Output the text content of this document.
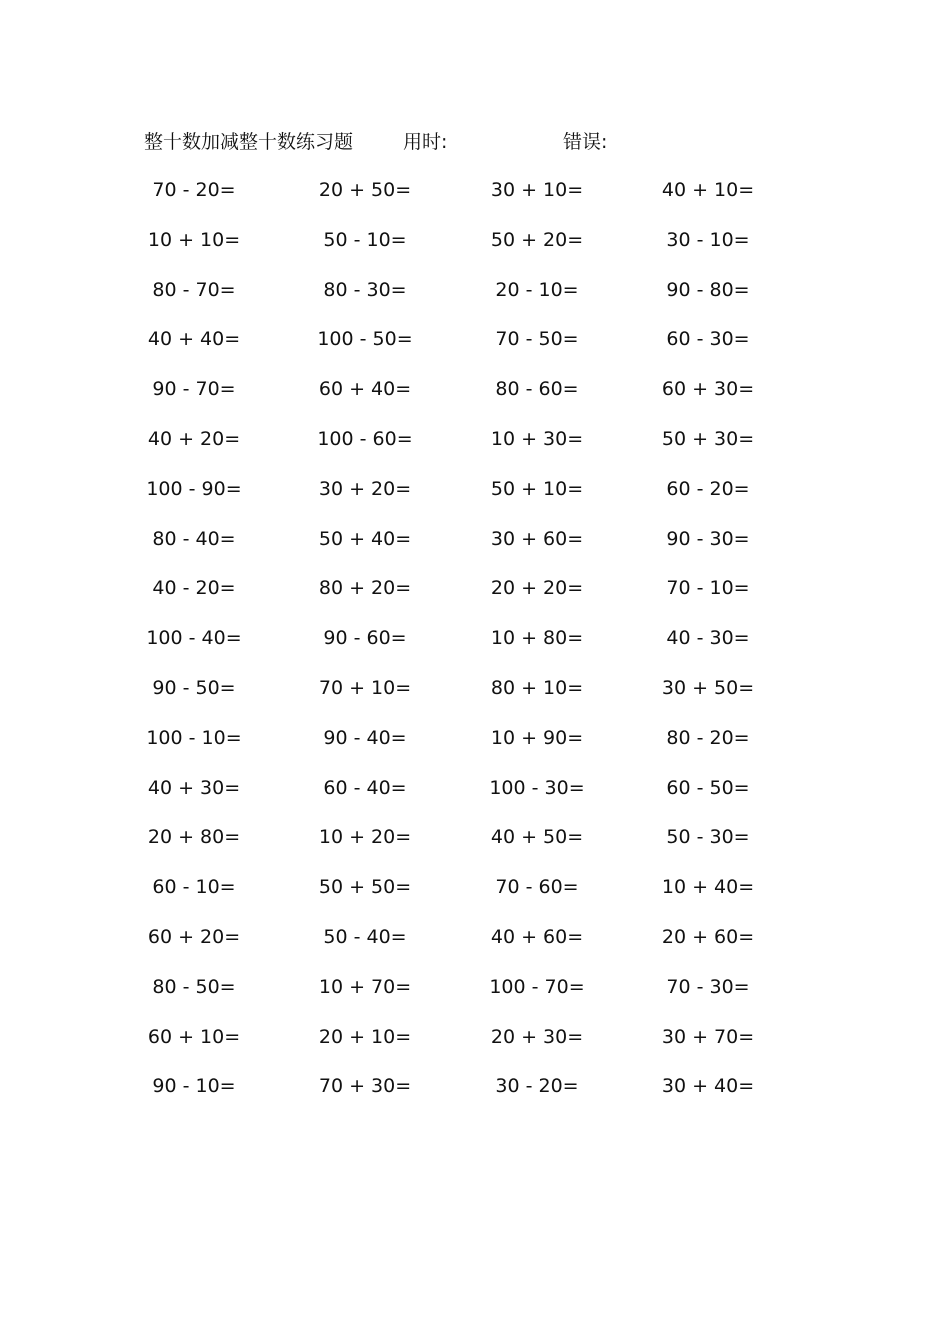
整十数加减整十数练习题	用时:	错误:
70 - 20=	20 + 50=	30 + 10=	40 + 10=
10 + 10=	50 - 10=	50 + 20=	30 - 10=
80 - 70=	80 - 30=	20 - 10=	90 - 80=
40 + 40=	100 - 50=	70 - 50=	60 - 30=
90 - 70=	60 + 40=	80 - 60=	60 + 30=
40 + 20=	100 - 60=	10 + 30=	50 + 30=
100 - 90=	30 + 20=	50 + 10=	60 - 20=
80 - 40=	50 + 40=	30 + 60=	90 - 30=
40 - 20=	80 + 20=	20 + 20=	70 - 10=
100 - 40=	90 - 60=	10 + 80=	40 - 30=
90 - 50=	70 + 10=	80 + 10=	30 + 50=
100 - 10=	90 - 40=	10 + 90=	80 - 20=
40 + 30=	60 - 40=	100 - 30=	60 - 50=
20 + 80=	10 + 20=	40 + 50=	50 - 30=
60 - 10=	50 + 50=	70 - 60=	10 + 40=
60 + 20=	50 - 40=	40 + 60=	20 + 60=
80 - 50=	10 + 70=	100 - 70=	70 - 30=
60 + 10=	20 + 10=	20 + 30=	30 + 70=
90 - 10=	70 + 30=	30 - 20=	30 + 40=
